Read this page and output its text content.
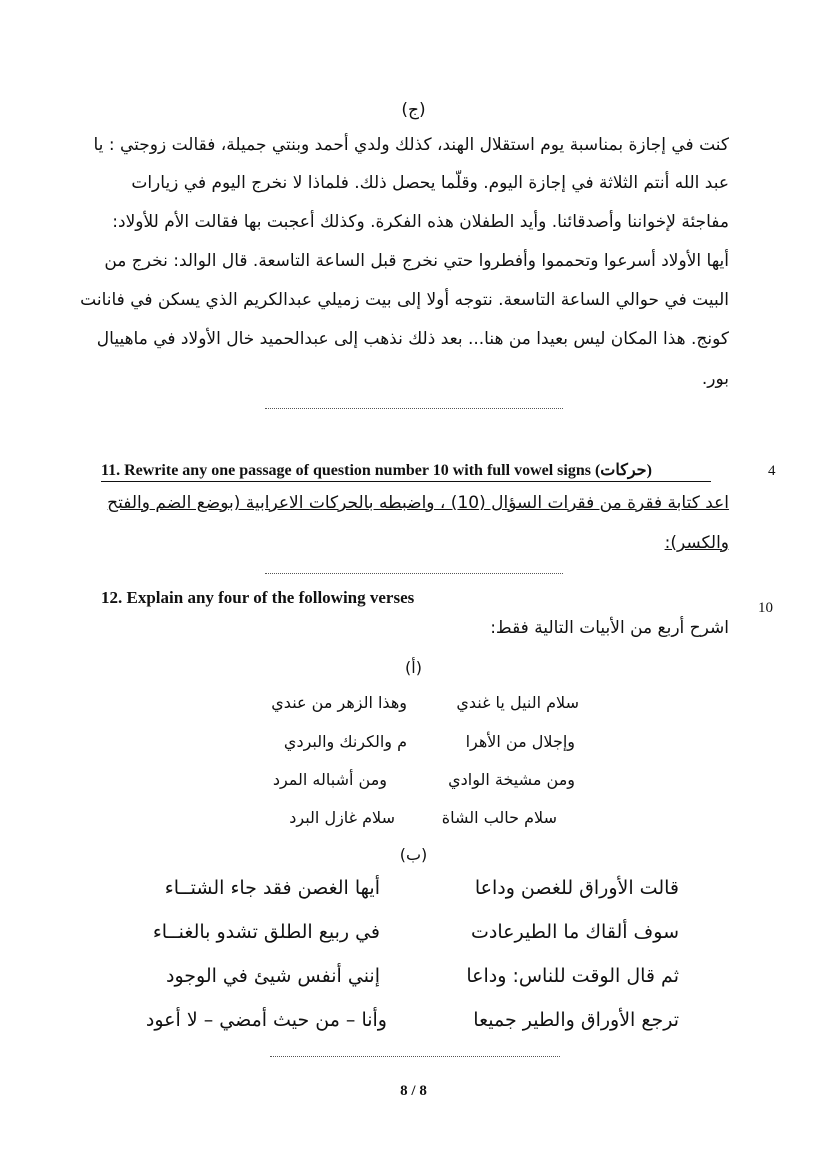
(ج)
كنت في إجازة بمناسبة يوم استقلال الهند، كذلك ولدي أحمد وبنتي جميلة، فقالت زوجتي : يا
عبد الله أنتم الثلاثة في إجازة اليوم. وقلّما يحصل ذلك. فلماذا لا نخرج اليوم في زيارات
مفاجئة لإخواننا وأصدقائنا. وأيد الطفلان هذه الفكرة. وكذلك أعجبت بها فقالت الأم للأولاد:
أيها الأولاد أسرعوا وتحمموا وأفطروا حتي نخرج قبل الساعة التاسعة. قال الوالد: نخرج من
البيت في حوالي الساعة التاسعة. نتوجه أولا إلى بيت زميلي عبدالكريم الذي يسكن في فانانت
كونج. هذا المكان ليس بعيدا من هنا... بعد ذلك نذهب إلى عبدالحميد خال الأولاد في ماهييال
بور.
11. Rewrite any one passage of question number 10 with full vowel signs (حركات)	4
اعد كتابة فقرة من فقرات السؤال (10) ، واضبطه بالحركات الاعرابية (بوضع الضم والفتح
والكسر):
12. Explain any four of the following verses
10
اشرح أربع من الأبيات التالية فقط:
(أ)
سلام النيل يا غندي
وهذا الزهر من عندي
وإجلال من الأهرا
م والكرنك والبردي
ومن مشيخة الوادي
ومن أشباله المرد
سلام حالب الشاة
سلام غازل البرد
(ب)
قالت الأوراق للغصن وداعا
أيها الغصن فقد جاء الشتــاء
سوف ألقاك ما الطيرعادت
في ربيع الطلق تشدو بالغنــاء
ثم قال الوقت للناس: وداعا
إنني أنفس شيئ في الوجود
ترجع الأوراق والطير جميعا
وأنا – من حيث أمضي – لا أعود
8 / 8
